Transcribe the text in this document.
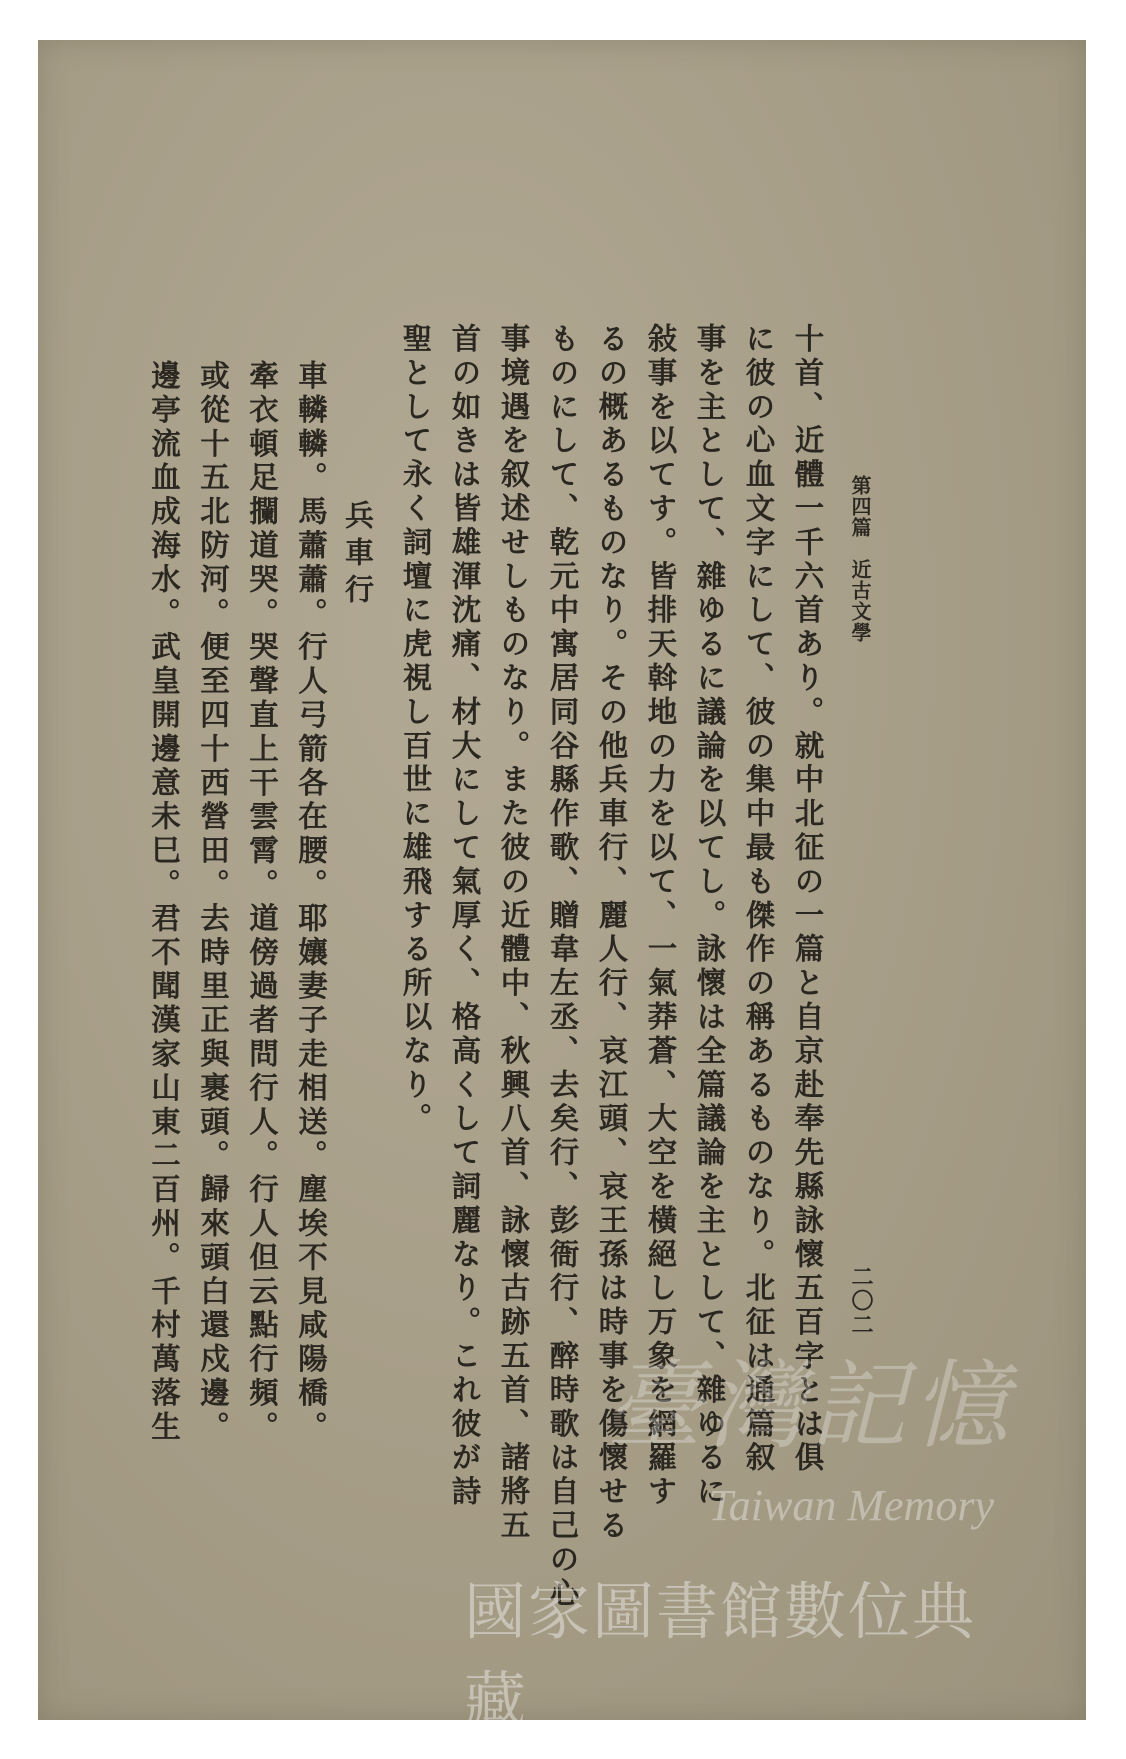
第四篇　近古文學
二〇二
十首、近體一千六首あり。就中北征の一篇と自京赴奉先縣詠懷五百字とは俱
に彼の心血文字にして、彼の集中最も傑作の稱あるものなり。北征は通篇叙
事を主として、雜ゆるに議論を以てし。詠懷は全篇議論を主として、雜ゆるに
敍事を以てす。皆排天斡地の力を以て、一氣莽蒼、大空を橫絕し万象を網羅す
るの概あるものなり。その他兵車行、麗人行、哀江頭、哀王孫は時事を傷懷せる
ものにして、乾元中寓居同谷縣作歌、贈韋左丞、去矣行、彭衙行、醉時歌は自己の心
事境遇を叙述せしものなり。また彼の近體中、秋興八首、詠懷古跡五首、諸將五
首の如きは皆雄渾沈痛、材大にして氣厚く、格高くして詞麗なり。これ彼が詩
聖として永く詞壇に虎視し百世に雄飛する所以なり。
兵車行
車轔轔。馬蕭蕭。行人弓箭各在腰。耶孃妻子走相送。塵埃不見咸陽橋。
牽衣頓足攔道哭。哭聲直上干雲霄。道傍過者問行人。行人但云點行頻。
或從十五北防河。便至四十西營田。去時里正與裹頭。歸來頭白還戍邊。
邊亭流血成海水。武皇開邊意未巳。君不聞漢家山東二百州。千村萬落生	臺灣記憶
Taiwan Memory
國家圖書館數位典藏
